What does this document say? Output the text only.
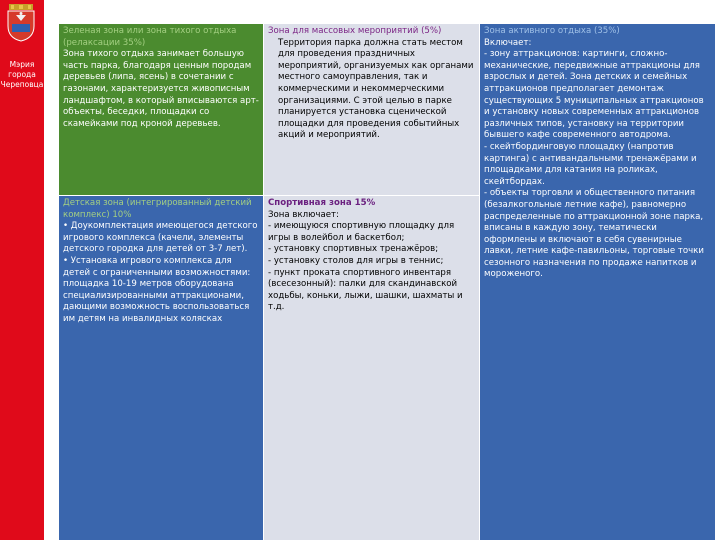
Мэрия
города
Череповца
Зеленая зона или зона тихого отдыха (релаксации 35%)
Зона тихого отдыха занимает большую часть парка, благодаря ценным породам деревьев (липа, ясень) в сочетании с газонами, характеризуется живописным ландшафтом, в который вписываются арт-объекты, беседки, площадки со скамейками под кроной деревьев.
Зона для массовых мероприятий (5%)
Территория парка должна стать местом для проведения праздничных мероприятий, организуемых как органами местного самоуправления, так и коммерческими и некоммерческими организациями. С этой целью в парке планируется установка сценической площадки для проведения событийных акций и мероприятий.
Зона активного отдыха (35%)
Включает:
- зону аттракционов: картинги, сложно-механические, передвижные аттракционы для взрослых и детей. Зона детских и семейных аттракционов предполагает демонтаж существующих 5 муниципальных аттракционов и установку новых современных аттракционов различных типов, установку на территории бывшего кафе современного автодрома.
- скейтбординговую площадку (напротив картинга) с антивандальными тренажёрами и площадками для катания на роликах, скейтбордах.
- объекты торговли и общественного питания (безалкогольные летние кафе), равномерно распределенные по аттракционной зоне парка, вписаны в каждую зону, тематически оформлены и включают в себя сувенирные лавки, летние кафе-павильоны, торговые точки сезонного назначения по продаже напитков и мороженого.
Детская зона (интегрированный детский комплекс) 10%
• Доукомплектация имеющегося детского игрового комплекса (качели, элементы детского городка для детей от 3-7 лет).
• Установка игрового комплекса для детей с ограниченными возможностями: площадка 10-19 метров оборудована специализированными аттракционами, дающими возможность воспользоваться им детям на инвалидных колясках
Спортивная зона 15%
Зона включает:
- имеющуюся спортивную площадку для игры в волейбол и баскетбол;
- установку спортивных тренажёров;
- установку столов для игры в теннис;
- пункт проката спортивного инвентаря (всесезонный): палки для скандинавской ходьбы, коньки, лыжи, шашки, шахматы и т.д.
